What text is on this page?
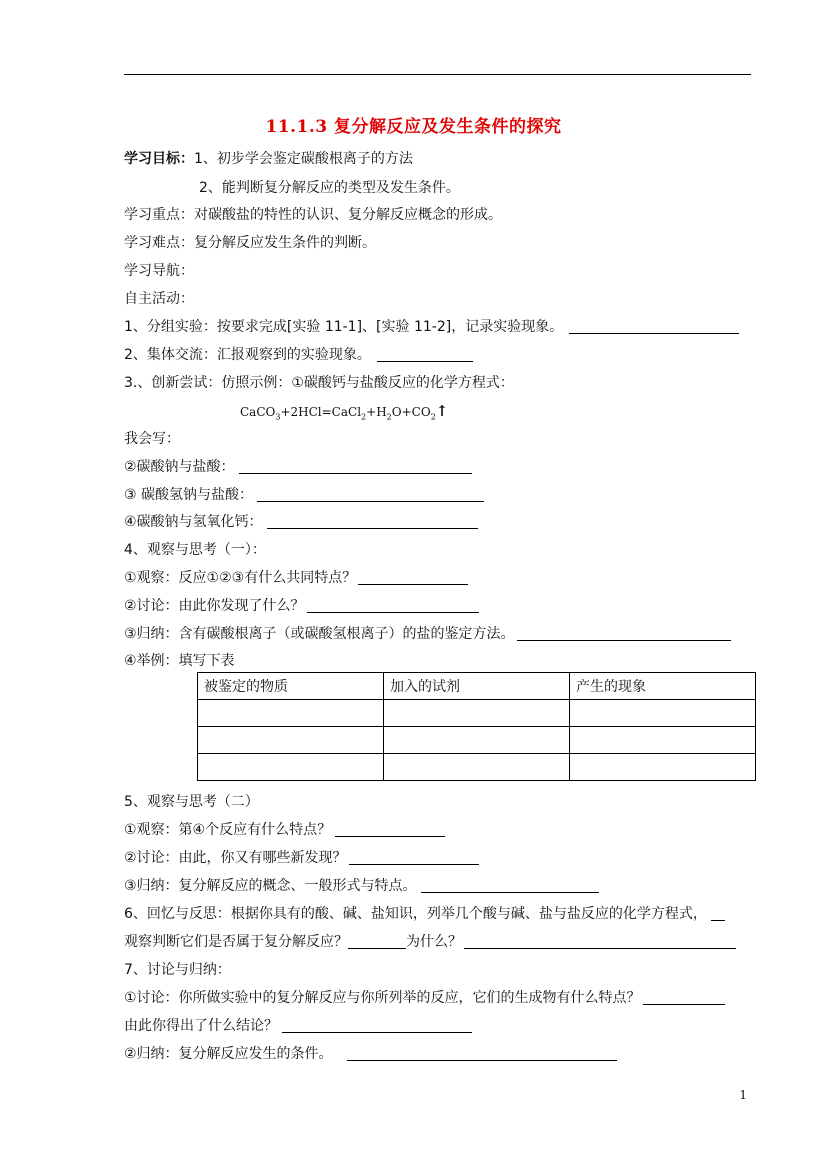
11.1.3 复分解反应及发生条件的探究
学习目标：1、初步学会鉴定碳酸根离子的方法
2、能判断复分解反应的类型及发生条件。
学习重点：对碳酸盐的特性的认识、复分解反应概念的形成。
学习难点：复分解反应发生条件的判断。
学习导航：
自主活动：
1、分组实验：按要求完成[实验 11-1]、[实验 11-2]，记录实验现象。
2、集体交流：汇报观察到的实验现象。
3.、创新尝试：仿照示例：①碳酸钙与盐酸反应的化学方程式：
$CaCO_3+2HCl=CaCl_2+H_2O+CO_2↑$
我会写：
②碳酸钠与盐酸：
③ 碳酸氢钠与盐酸：
④碳酸钠与氢氧化钙：
4、观察与思考（一）：
①观察：反应①②③有什么共同特点？
②讨论：由此你发现了什么？
③归纳：含有碳酸根离子（或碳酸氢根离子）的盐的鉴定方法。
④举例：填写下表
被鉴定的物质	加入的试剂	产生的现象

5、观察与思考（二）
①观察：第④个反应有什么特点？
②讨论：由此，你又有哪些新发现？
③归纳：复分解反应的概念、一般形式与特点。
6、回忆与反思：根据你具有的酸、碱、盐知识，列举几个酸与碱、盐与盐反应的化学方程式，
观察判断它们是否属于复分解反应？	为什么？
7、讨论与归纳：
①讨论：你所做实验中的复分解反应与你所列举的反应，它们的生成物有什么特点？
由此你得出了什么结论？
②归纳：复分解反应发生的条件。
1
